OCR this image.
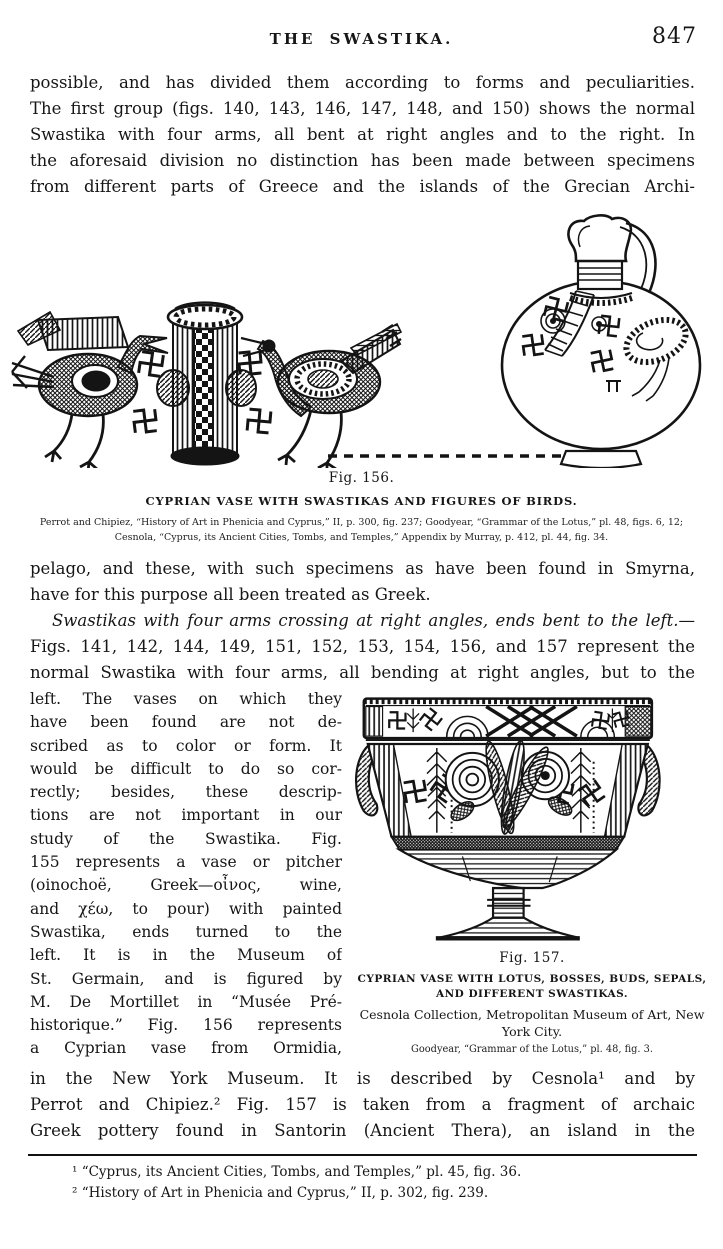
THE SWASTIKA.	847
possible, and has divided them according to forms and peculiarities.
The first group (figs. 140, 143, 146, 147, 148, and 150) shows the normal
Swastika with four arms, all bent at right angles and to the right. In
the aforesaid division no distinction has been made between specimens
from different parts of Greece and the islands of the Grecian Archi-
Fig. 156.
CYPRIAN VASE WITH SWASTIKAS AND FIGURES OF BIRDS.
Perrot and Chipiez, “History of Art in Phenicia and Cyprus,” II, p. 300, fig. 237; Goodyear, “Grammar of the Lotus,” pl. 48, figs. 6, 12;
Cesnola, “Cyprus, its Ancient Cities, Tombs, and Temples,” Appendix by Murray, p. 412, pl. 44, fig. 34.
pelago, and these, with such specimens as have been found in Smyrna,
have for this purpose all been treated as Greek.
Swastikas with four arms crossing at right angles, ends bent to the left.—
Figs. 141, 142, 144, 149, 151, 152, 153, 154, 156, and 157 represent the
normal Swastika with four arms, all bending at right angles, but to the
left. The vases on which they
have been found are not de-
scribed as to color or form. It
would be difficult to do so cor-
rectly; besides, these descrip-
tions are not important in our
study of the Swastika. Fig.
155 represents a vase or pitcher
(oinochoë, Greek—οἶνος, wine,
and χέω, to pour) with painted
Swastika, ends turned to the
left. It is in the Museum of
St. Germain, and is figured by
M. De Mortillet in “Musée Pré-
historique.” Fig. 156 represents
a Cyprian vase from Ormidia,
Fig. 157.
CYPRIAN VASE WITH LOTUS, BOSSES, BUDS, SEPALS, AND DIFFERENT SWASTIKAS.
Cesnola Collection, Metropolitan Museum of Art, New York City.
Goodyear, “Grammar of the Lotus,” pl. 48, fig. 3.
in the New York Museum. It is described by Cesnola¹ and by
Perrot and Chipiez.² Fig. 157 is taken from a fragment of archaic
Greek pottery found in Santorin (Ancient Thera), an island in the
¹ “Cyprus, its Ancient Cities, Tombs, and Temples,” pl. 45, fig. 36.
² “History of Art in Phenicia and Cyprus,” II, p. 302, fig. 239.
